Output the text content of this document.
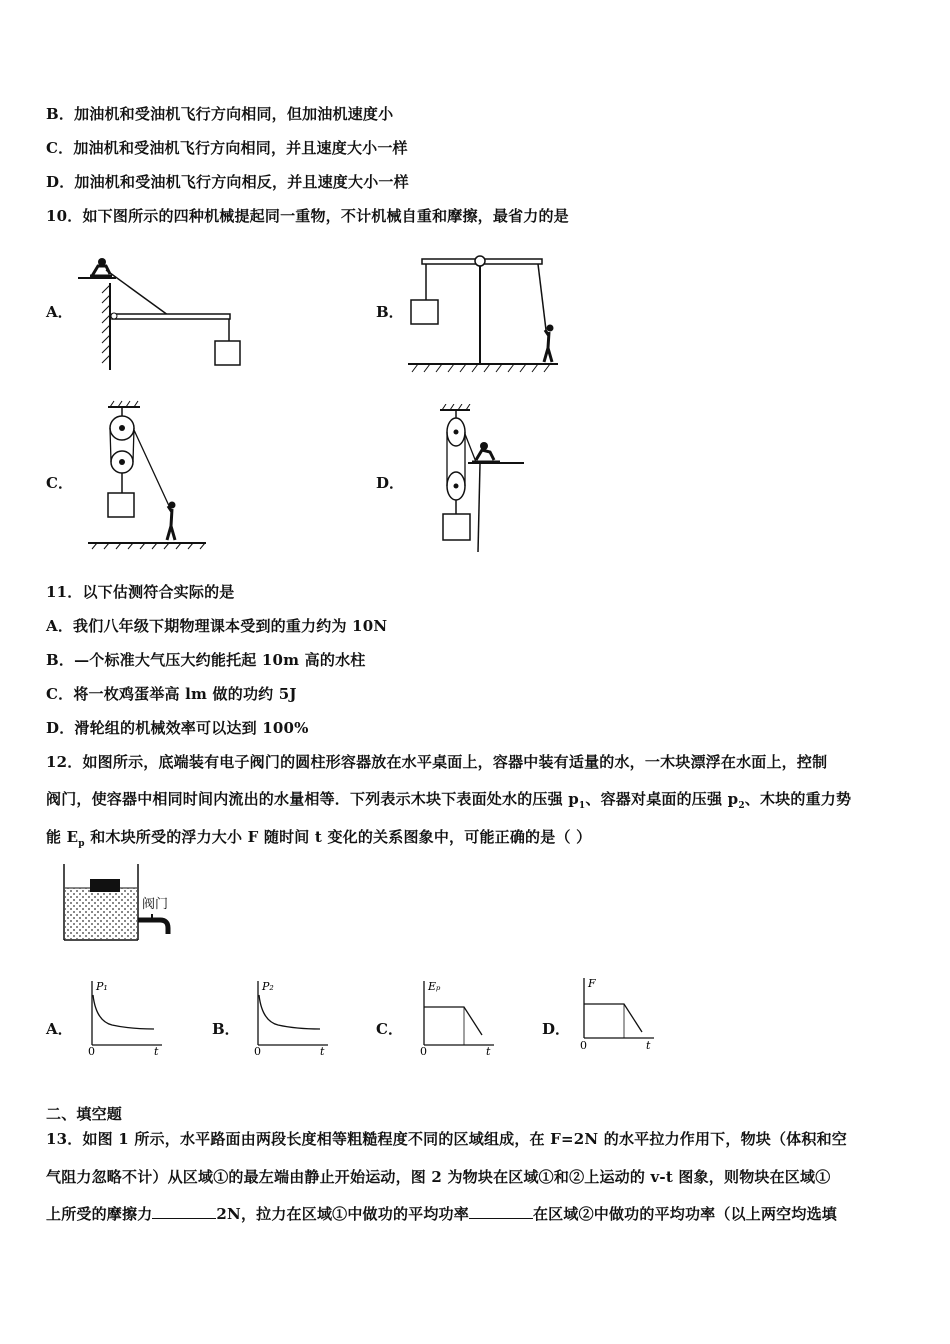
B．加油机和受油机飞行方向相同，但加油机速度小
C．加油机和受油机飞行方向相同，并且速度大小一样
D．加油机和受油机飞行方向相反，并且速度大小一样
10．如下图所示的四种机械提起同一重物，不计机械自重和摩擦，最省力的是
A．	B．
C．	D．
11．以下估测符合实际的是
A．我们八年级下期物理课本受到的重力约为 10N
B．—个标准大气压大约能托起 10m 高的水柱
C．将一枚鸡蛋举高 lm 做的功约 5J
D．滑轮组的机械效率可以达到 100%
12．如图所示，底端装有电子阀门的圆柱形容器放在水平桌面上，容器中装有适量的水，一木块漂浮在水面上，控制
阀门，使容器中相同时间内流出的水量相等．下列表示木块下表面处水的压强 $p_1$、容器对桌面的压强 $p_2$、木块的重力势
能 $E_p$ 和木块所受的浮力大小 F 随时间 t 变化的关系图象中，可能正确的是（ ）
阀门
A．
P₁
0	t
B．
P₂
0	t
C．
Eₚ
0	t
D．
F
0	t
二、填空题
13．如图 1 所示，水平路面由两段长度相等粗糙程度不同的区域组成，在 F=2N 的水平拉力作用下，物块（体积和空
气阻力忽略不计）从区域①的最左端由静止开始运动，图 2 为物块在区域①和②上运动的 v-t 图象，则物块在区域①
上所受的摩擦力	2N，拉力在区域①中做功的平均功率	在区域②中做功的平均功率（以上两空均选填
